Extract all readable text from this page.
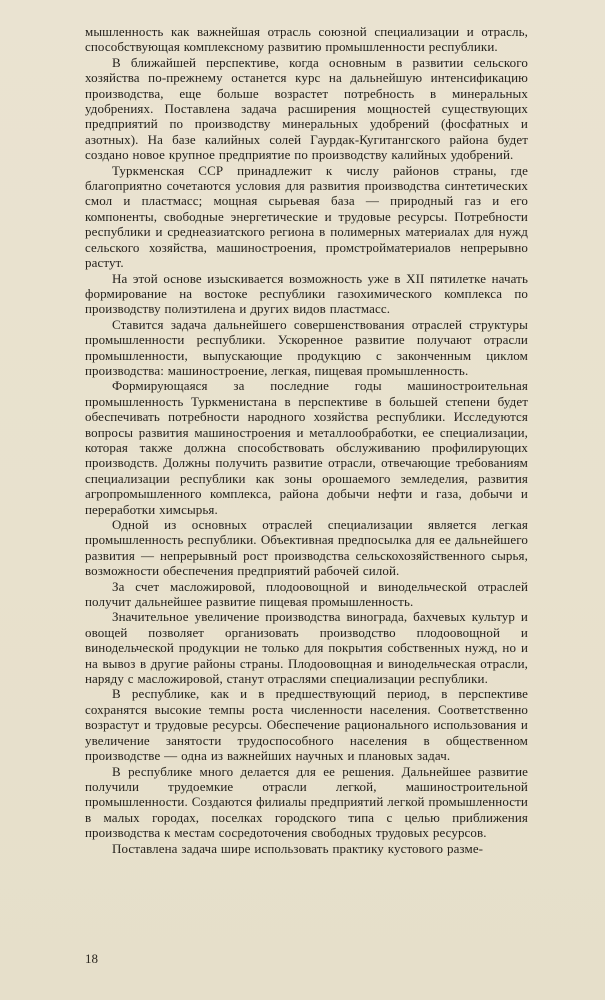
мышленность как важнейшая отрасль союзной специализации и отрасль, способствующая комплексному развитию промышленности республики.

В ближайшей перспективе, когда основным в развитии сельского хозяйства по-прежнему останется курс на дальнейшую интенсификацию производства, еще больше возрастет потребность в минеральных удобрениях. Поставлена задача расширения мощностей существующих предприятий по производству минеральных удобрений (фосфатных и азотных). На базе калийных солей Гаурдак-Кугитангского района будет создано новое крупное предприятие по производству калийных удобрений.

Туркменская ССР принадлежит к числу районов страны, где благоприятно сочетаются условия для развития производства синтетических смол и пластмасс; мощная сырьевая база — природный газ и его компоненты, свободные энергетические и трудовые ресурсы. Потребности республики и среднеазиатского региона в полимерных материалах для нужд сельского хозяйства, машиностроения, промстройматериалов непрерывно растут.

На этой основе изыскивается возможность уже в XII пятилетке начать формирование на востоке республики газохимического комплекса по производству полиэтилена и других видов пластмасс.

Ставится задача дальнейшего совершенствования отраслей структуры промышленности республики. Ускоренное развитие получают отрасли промышленности, выпускающие продукцию с законченным циклом производства: машиностроение, легкая, пищевая промышленность.

Формирующаяся за последние годы машиностроительная промышленность Туркменистана в перспективе в большей степени будет обеспечивать потребности народного хозяйства республики. Исследуются вопросы развития машиностроения и металлообработки, ее специализации, которая также должна способствовать обслуживанию профилирующих производств. Должны получить развитие отрасли, отвечающие требованиям специализации республики как зоны орошаемого земледелия, развития агропромышленного комплекса, района добычи нефти и газа, добычи и переработки химсырья.

Одной из основных отраслей специализации является легкая промышленность республики. Объективная предпосылка для ее дальнейшего развития — непрерывный рост производства сельскохозяйственного сырья, возможности обеспечения предприятий рабочей силой.

За счет масложировой, плодоовощной и винодельческой отраслей получит дальнейшее развитие пищевая промышленность.

Значительное увеличение производства винограда, бахчевых культур и овощей позволяет организовать производство плодоовощной и винодельческой продукции не только для покрытия собственных нужд, но и на вывоз в другие районы страны. Плодоовощная и винодельческая отрасли, наряду с масложировой, станут отраслями специализации республики.

В республике, как и в предшествующий период, в перспективе сохранятся высокие темпы роста численности населения. Соответственно возрастут и трудовые ресурсы. Обеспечение рационального использования и увеличение занятости трудоспособного населения в общественном производстве — одна из важнейших научных и плановых задач.

В республике много делается для ее решения. Дальнейшее развитие получили трудоемкие отрасли легкой, машиностроительной промышленности. Создаются филиалы предприятий легкой промышленности в малых городах, поселках городского типа с целью приближения производства к местам сосредоточения свободных трудовых ресурсов.

Поставлена задача шире использовать практику кустового разме-

18
